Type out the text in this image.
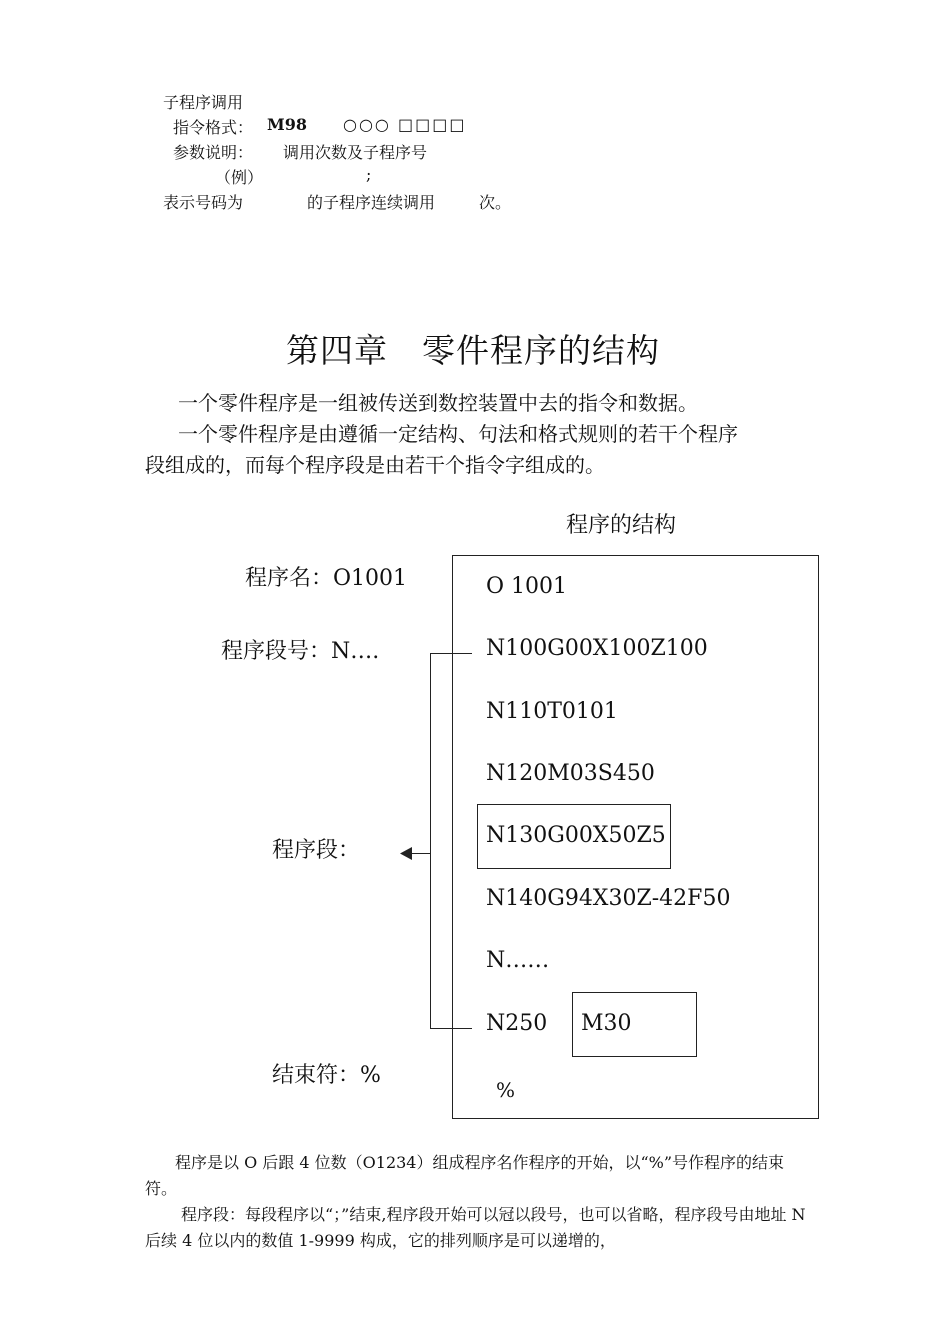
子程序调用
指令格式： M98 ○○○ □□□□
参数说明： 调用次数及子程序号
（例）	;
表示号码为	的子程序连续调用	次。
第四章　零件程序的结构
一个零件程序是一组被传送到数控装置中去的指令和数据。
一个零件程序是由遵循一定结构、句法和格式规则的若干个程序
段组成的，而每个程序段是由若干个指令字组成的。
程序的结构
程序名：O1001
程序段号：N….
程序段：
结束符：%
O 1001
N100G00X100Z100
N110T0101
N120M03S450
N130G00X50Z5
N140G94X30Z-42F50
N……
N250 M30
%
程序是以 O 后跟 4 位数（O1234）组成程序名作程序的开始，以“%”号作程序的结束符。
程序段：每段程序以“；”结束,程序段开始可以冠以段号，也可以省略，程序段号由地址 N 后续 4 位以内的数值 1-9999 构成，它的排列顺序是可以递增的，
